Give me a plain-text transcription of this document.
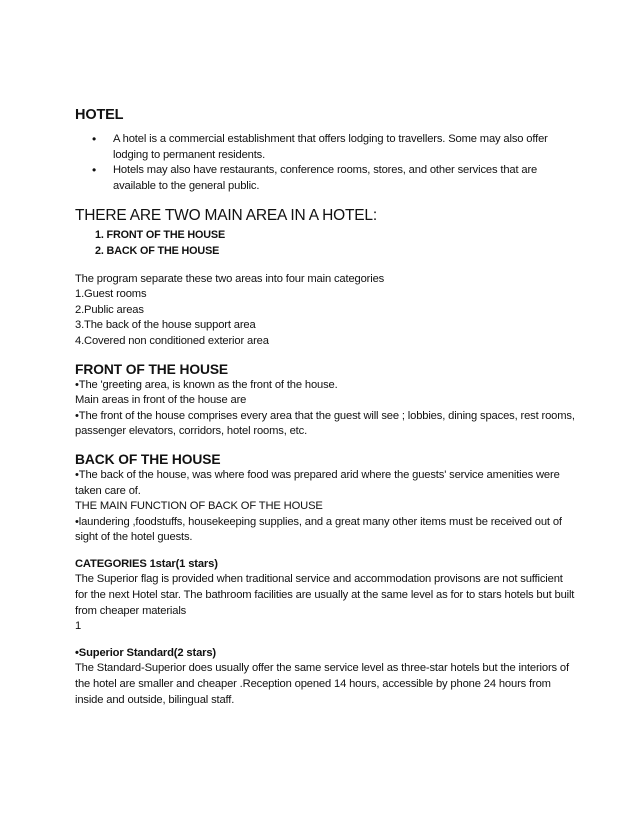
HOTEL
• A hotel is a commercial establishment that offers lodging to travellers. Some may also offer lodging to permanent residents.
• Hotels may also have restaurants, conference rooms, stores, and other services that are available to the general public.
THERE ARE TWO MAIN AREA IN A HOTEL:
1. FRONT OF THE HOUSE
2. BACK OF THE HOUSE

The program separate these two areas into four main categories

1.Guest rooms

2.Public areas

3.The back of the house support area

4.Covered non conditioned exterior area

FRONT OF THE HOUSE

•The 'greeting area, is known as the front of the house.

Main areas in front of the house are

•The front of the house comprises every area that the guest will see ; lobbies, dining spaces, rest rooms, passenger elevators, corridors, hotel rooms, etc.

BACK OF THE HOUSE

•The back of the house, was where food was prepared arid where the guests' service amenities were taken care of.

THE MAIN FUNCTION OF BACK OF THE HOUSE

•laundering ,foodstuffs, housekeeping supplies, and a great many other items must be received out of sight of the hotel guests.

CATEGORIES 1star(1 stars)

The Superior flag is provided when traditional service and accommodation provisons are not sufficient for the next Hotel star. The bathroom facilities are usually at the same level as for to stars hotels but built from cheaper materials

1

•Superior Standard(2 stars)

The Standard-Superior does usually offer the same service level as three-star hotels but the interiors of the hotel are smaller and cheaper .Reception opened 14 hours, accessible by phone 24 hours from inside and outside, bilingual staff.
